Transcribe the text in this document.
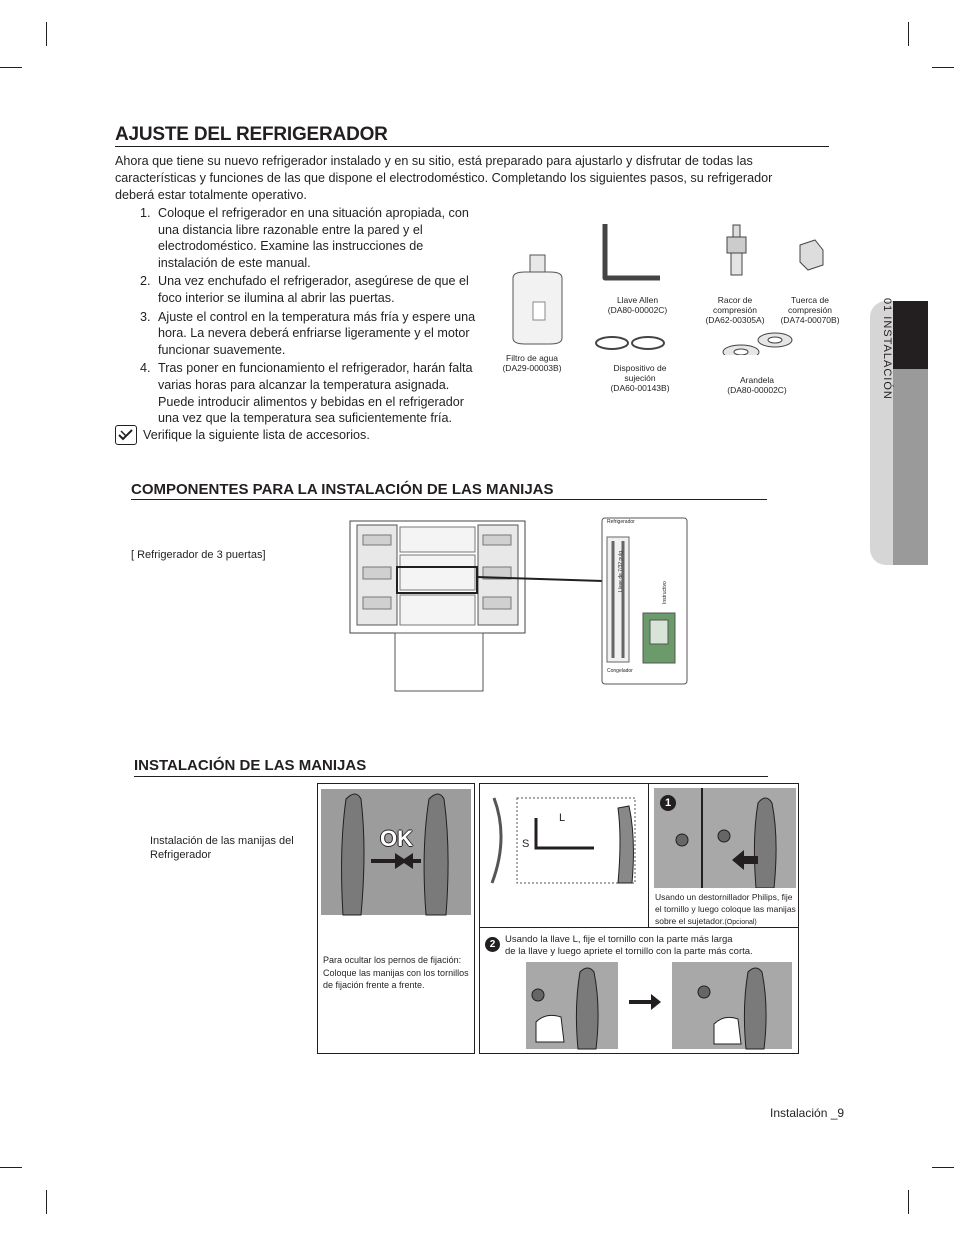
01 INSTALACIÓN
AJUSTE DEL REFRIGERADOR
Ahora que tiene su nuevo refrigerador instalado y en su sitio, está preparado para ajustarlo y disfrutar de todas las características y funciones de las que dispone el electrodoméstico. Completando los siguientes pasos, su refrigerador deberá estar totalmente operativo.
1. Coloque el refrigerador en una situación apropiada, con una distancia libre razonable entre la pared y el electrodoméstico. Examine las instrucciones de instalación de este manual.
2. Una vez enchufado el refrigerador, asegúrese de que el foco interior se ilumina al abrir las puertas.
3. Ajuste el control en la temperatura más fría y espere una hora. La nevera deberá enfriarse ligeramente y el motor funcionar suavemente.
4. Tras poner en funcionamiento el refrigerador, harán falta varias horas para alcanzar la temperatura asignada. Puede introducir alimentos y bebidas en el refrigerador una vez que la temperatura sea suficientemente fría.
Verifique la siguiente lista de accesorios.
Filtro de agua
(DA29-00003B)
Llave Allen
(DA80-00002C)
Racor de compresión
(DA62-00305A)
Tuerca de compresión
(DA74-00070B)
Dispositivo de sujeción
(DA60-00143B)
Arandela
(DA80-00002C)
COMPONENTES PARA LA INSTALACIÓN DE LAS MANIJAS
[ Refrigerador de 3 puertas]
Refrigerador
Congelador
Llave de 7/32 pulg.
Instructivo
INSTALACIÓN DE LAS MANIJAS
Instalación de las manijas del Refrigerador
OK
Para ocultar los pernos de fijación: Coloque las manijas con los tornillos de fijación frente a frente.
L
S
1
Usando un destornillador Philips, fije el tornillo y luego coloque las manijas sobre el sujetador.(Opcional)
2	Usando la llave L, fije el tornillo con la parte más larga
de la llave y luego apriete el tornillo con la parte más corta.
Instalación _9
